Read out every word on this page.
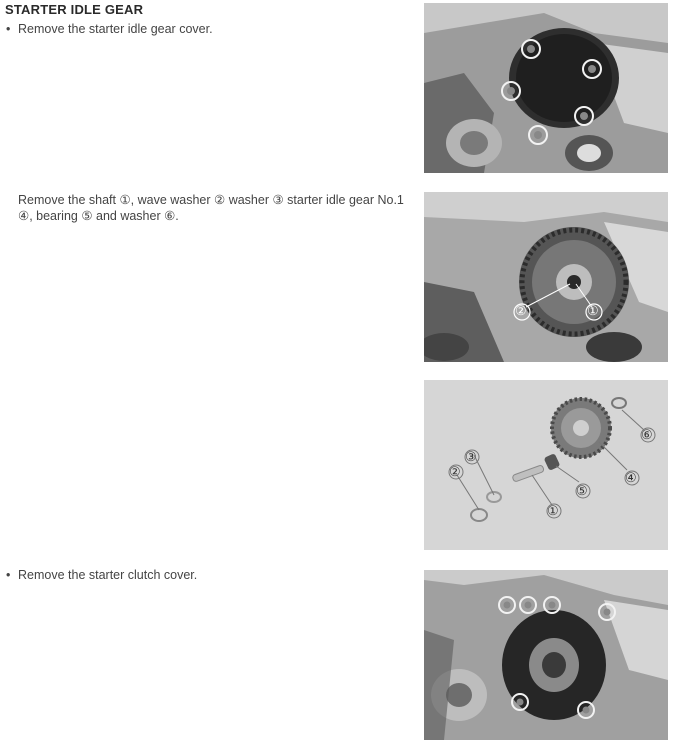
STARTER IDLE GEAR
• Remove the starter idle gear cover.
Remove the shaft ①, wave washer ② washer ③ starter idle gear No.1 ④, bearing ⑤ and washer ⑥.
• Remove the starter clutch cover.
②	①
⑥
④
③
②
⑤
①
